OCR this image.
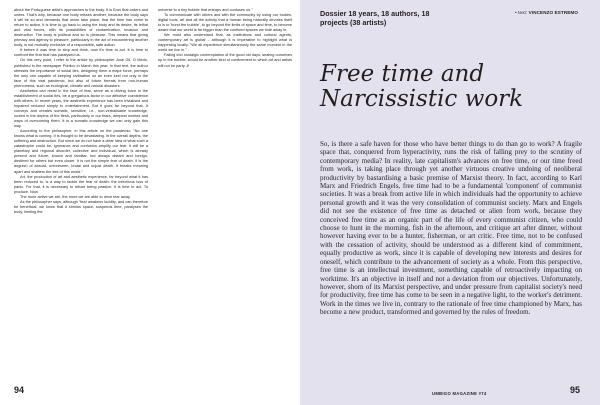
about the Portuguese artist's approaches to the body. It is Eros that orders and unites. That's why, because one body misses another, because the body says it will be so and demands that union take place, that the time has come to return to action. It is time to go back to using the body and its desire, its lethal and vital forces, with its possibilities of contamination, invasion and destruction. The body is political and so is pleasure. This means that giving primacy and agency to pleasure, particularly in the act of encountering another body, is not mutually exclusive of a responsible, safe action.

If before it was time to stop and think, now it's time to act. It is time to confront the fear that has paralysed us.

On this very point, I refer to the article by philosopher José Gil, O Medo, published in the newspaper Público in March this year. In that text, the author stresses the importance of social ties, designing them a major force, perhaps the only one capable of keeping civilisation on an even keel not only in the face of this viral pandemic, but also of future threats from non-human phenomena, such as ecological, climatic and natural disasters.

Aesthetics can resist in the face of fear, serve as a driving force in the establishment of social ties, be a gregarious factor in our affective coexistence with others. In recent years, the aesthetic experience has been trivialised and impaired reduced simply to entertainment. But it goes far beyond that. It conveys and creates somatic, sensitive, i.e., non-verbalisable knowledge, rooted in the depths of the flesh, particularly in our fears, deepest worries and ways of overcoming them. It is a somatic knowledge we can only gain this way.

According to the philosopher, in this article on the pandemic: "No one knows what is coming. It is thought to be devastating. In the overall depths, the suffering and destruction. But since we do not have a clear idea of what such a catastrophe could be, ignorance and confusion amplify our fear. It will be a planetary and regional disorder, collective and individual, which is already present and future, known and familiar, but always distant and foreign, destined for others but even closer. It is not the simple fear of death, it is the anguish of absurd, unforeseen, brutal and unjust death. It breaks meaning apart and shatters the ties of this world."

Art, the production of art and aesthetic experience, far beyond what it has been reduced to, is a way to tackle the fear of death: the infectious loss of panic. For that, it is necessary to refuse being passive. It is time to act. To produce. Now.

The more active we are, the more we are able to drive fear away.

As the philosopher says, although "fear awakens lucidity, and can therefore be beneficial, we know that it shrinks space, suspends time, paralyses the body, limiting the

universe to a tiny bubble that entraps and confuses us."

To communicate with others and with the community by using our bodies, digital tools, art and all the activity that a human being naturally devotes itself to is to 'burst the bubble', to go beyond the limits of space and time, to become aware that our world is far bigger than the confined spaces we hide away in.

We must also understand that, as institutions and cultural agents, contemporary art is global – although it is imperative to highlight what is happening locally. "We all experience simultaneously the same moment in the world we live in."

Falling into nostalgic contemplation of the good old days, sealing ourselves up in the bubble, would be another kind of confinement to which art and artists will not be party. //

94
Dossier 18 years, 18 authors, 18 projects (38 artists)
• text: VINCENZO ESTREMO
Free time and Narcissistic work
So, is there a safe haven for those who have better things to do than go to work? A fragile space that, conquered from hyperactivity, runs the risk of falling prey to the scrutiny of contemporary media? In reality, late capitalism's advances on free time, or our time freed from work, is taking place through yet another virtuous creative undoing of neoliberal productivity by bastardising a basic premise of Marxist theory. In fact, according to Karl Marx and Friedrich Engels, free time had to be a fundamental 'component' of communist societies. It was a break from active life in which individuals had the opportunity to achieve personal growth and it was the very consolidation of communist society. Marx and Engels did not see the existence of free time as detached or alien from work, because they conceived free time as an organic part of the life of every communist citizen, who could choose to hunt in the morning, fish in the afternoon, and critique art after dinner, without however having ever to be a hunter, fisherman, or art critic. Free time, not to be confused with the cessation of activity, should be understood as a different kind of commitment, equally productive as work, since it is capable of developing new interests and desires for oneself, which contribute to the advancement of society as a whole. From this perspective, free time is an intellectual investment, something capable of retroactively impacting on worktime. It's an objective in itself and not a deviation from our objectives. Unfortunately, however, shorn of its Marxist perspective, and under pressure from capitalist society's need for productivity, free time has come to be seen in a negative light, to the worker's detriment. Work in the times we live in, contrary to the rationale of free time championed by Marx, has become a new product, transformed and governed by the rules of freedom.
UMBIGO MAGAZINE #74	95
